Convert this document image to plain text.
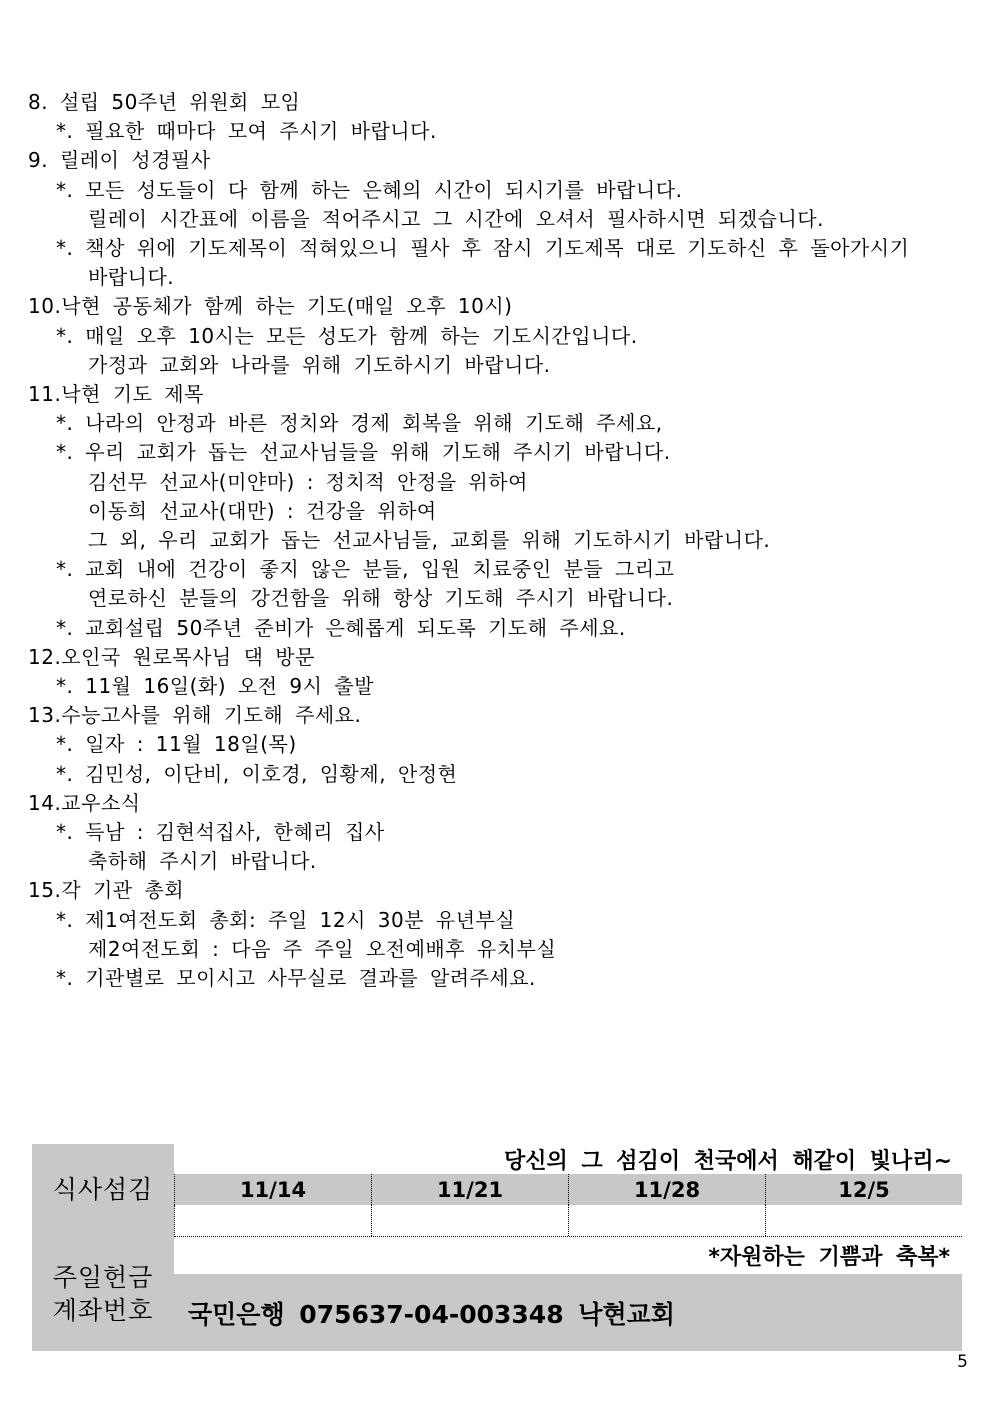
8. 설립 50주년 위원회 모임
*. 필요한 때마다 모여 주시기 바랍니다.
9. 릴레이 성경필사
*. 모든 성도들이 다 함께 하는 은혜의 시간이 되시기를 바랍니다.
릴레이 시간표에 이름을 적어주시고 그 시간에 오셔서 필사하시면 되겠습니다.
*. 책상 위에 기도제목이 적혀있으니 필사 후 잠시 기도제목 대로 기도하신 후 돌아가시기
바랍니다.
10.낙현 공동체가 함께 하는 기도(매일 오후 10시)
*. 매일 오후 10시는 모든 성도가 함께 하는 기도시간입니다.
가정과 교회와 나라를 위해 기도하시기 바랍니다.
11.낙현 기도 제목
*. 나라의 안정과 바른 정치와 경제 회복을 위해 기도해 주세요,
*. 우리 교회가 돕는 선교사님들을 위해 기도해 주시기 바랍니다.
김선무 선교사(미얀마) : 정치적 안정을 위하여
이동희 선교사(대만) : 건강을 위하여
그 외, 우리 교회가 돕는 선교사님들, 교회를 위해 기도하시기 바랍니다.
*. 교회 내에 건강이 좋지 않은 분들, 입원 치료중인 분들 그리고
연로하신 분들의 강건함을 위해 항상 기도해 주시기 바랍니다.
*. 교회설립 50주년 준비가 은혜롭게 되도록 기도해 주세요.
12.오인국 원로목사님 댁 방문
*. 11월 16일(화) 오전 9시 출발
13.수능고사를 위해 기도해 주세요.
*. 일자 : 11월 18일(목)
*. 김민성, 이단비, 이호경, 임황제, 안정현
14.교우소식
*. 득남 : 김현석집사, 한혜리 집사
축하해 주시기 바랍니다.
15.각 기관 총회
*. 제1여전도회 총회: 주일 12시 30분 유년부실
제2여전도회 : 다음 주 주일 오전예배후 유치부실
*. 기관별로 모이시고 사무실로 결과를 알려주세요.
식사섬김
주일헌금
계좌번호
당신의 그 섬김이 천국에서 해같이 빛나리~
11/14	11/21	11/28	12/5
*자원하는 기쁨과 축복*
국민은행 075637-04-003348 낙현교회
5
